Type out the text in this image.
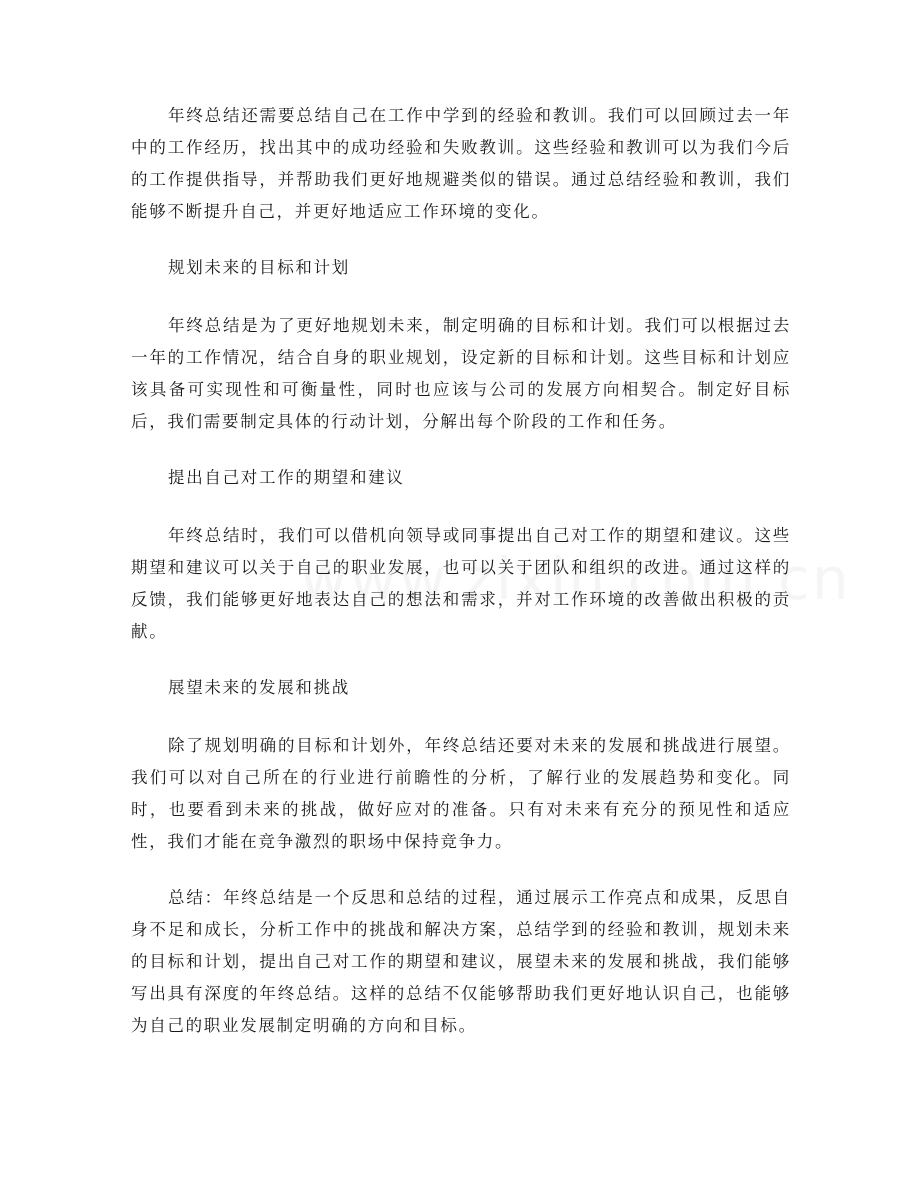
年终总结还需要总结自己在工作中学到的经验和教训。我们可以回顾过去一年中的工作经历，找出其中的成功经验和失败教训。这些经验和教训可以为我们今后的工作提供指导，并帮助我们更好地规避类似的错误。通过总结经验和教训，我们能够不断提升自己，并更好地适应工作环境的变化。

规划未来的目标和计划

年终总结是为了更好地规划未来，制定明确的目标和计划。我们可以根据过去一年的工作情况，结合自身的职业规划，设定新的目标和计划。这些目标和计划应该具备可实现性和可衡量性，同时也应该与公司的发展方向相契合。制定好目标后，我们需要制定具体的行动计划，分解出每个阶段的工作和任务。

提出自己对工作的期望和建议

年终总结时，我们可以借机向领导或同事提出自己对工作的期望和建议。这些期望和建议可以关于自己的职业发展，也可以关于团队和组织的改进。通过这样的反馈，我们能够更好地表达自己的想法和需求，并对工作环境的改善做出积极的贡献。

展望未来的发展和挑战

除了规划明确的目标和计划外，年终总结还要对未来的发展和挑战进行展望。我们可以对自己所在的行业进行前瞻性的分析，了解行业的发展趋势和变化。同时，也要看到未来的挑战，做好应对的准备。只有对未来有充分的预见性和适应性，我们才能在竞争激烈的职场中保持竞争力。

总结：年终总结是一个反思和总结的过程，通过展示工作亮点和成果，反思自身不足和成长，分析工作中的挑战和解决方案，总结学到的经验和教训，规划未来的目标和计划，提出自己对工作的期望和建议，展望未来的发展和挑战，我们能够写出具有深度的年终总结。这样的总结不仅能够帮助我们更好地认识自己，也能够为自己的职业发展制定明确的方向和目标。
